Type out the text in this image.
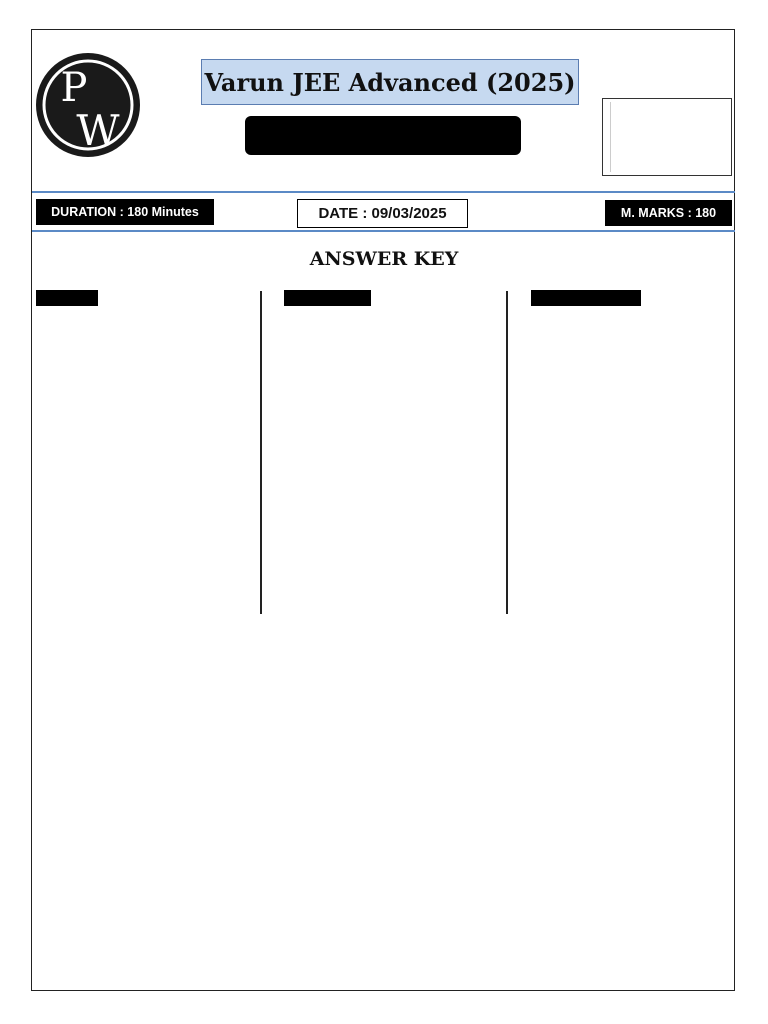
P
W
Varun JEE Advanced (2025)
DURATION : 180 Minutes	DATE : 09/03/2025	M. MARKS : 180
ANSWER KEY
